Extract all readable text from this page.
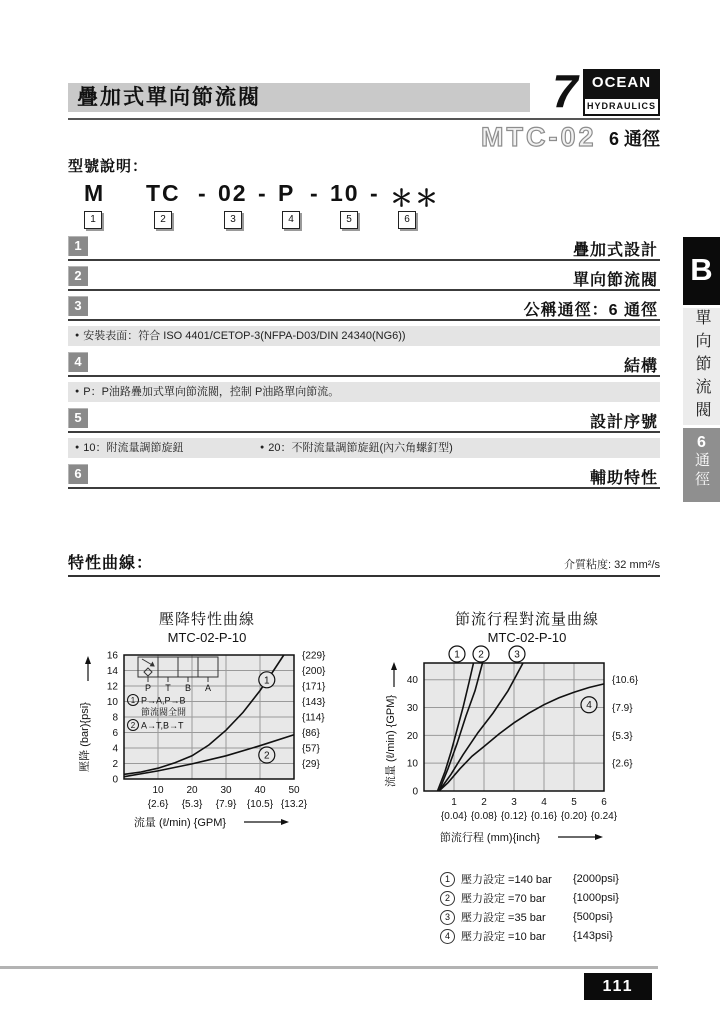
疊加式單向節流閥	7 OCEAN
HYDRAULICS
MTC-02 6 通徑
型號說明：
M TC - 02 - P - 10 - ＊＊
1	2	3	4	5	6
1	疊加式設計
2	單向節流閥
3	公稱通徑：6 通徑
● 安裝表面：符合 ISO 4401/CETOP-3(NFPA-D03/DIN 24340(NG6))
4	結構
● P：P油路疊加式單向節流閥，控制 P油路單向節流。
5	設計序號
● 10：附流量調節旋鈕	● 20：不附流量調節旋鈕(內六角螺釘型)
6	輔助特性
B
單向節流閥
6
通徑
特性曲線：	介質粘度: 32 mm²/s
壓降特性曲線
MTC-02-P-10
0
2
4
6
8
10
12
14
16	{229}
{200}
{171}
{143}
{114}
{86}
{57}
{29}
10
{2.6}
20
{5.3}
30
{7.9}
40
{10.5}
50
{13.2}
1
2
P T B A
1 P→A,P→B
節流閥全開
2 A→T,B→T
流量 (ℓ/min) {GPM}
壓降 (bar){psi}
節流行程對流量曲線
MTC-02-P-10
0
10
20
30
40	{10.6}
{7.9}
{5.3}
{2.6}
1
{0.04}
2
{0.08}
3
{0.12}
4
{0.16}
5
{0.20}
6
{0.24}
1 2	3
4
節流行程 (mm){inch}
流量 (ℓ/min) {GPM}
1	壓力設定 =140 bar	{2000psi}
2	壓力設定 =70 bar	{1000psi}
3	壓力設定 =35 bar	{500psi}
4	壓力設定 =10 bar	{143psi}
111
